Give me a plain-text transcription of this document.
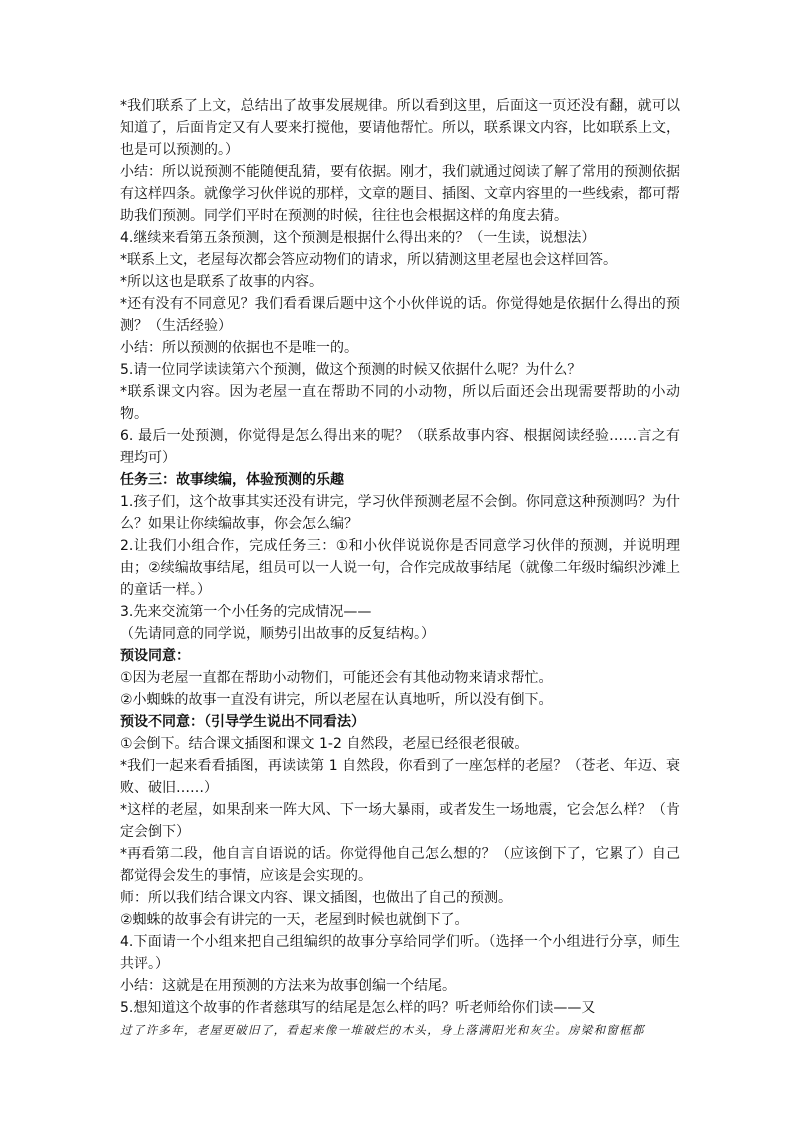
*我们联系了上文，总结出了故事发展规律。所以看到这里，后面这一页还没有翻，就可以知道了，后面肯定又有人要来打搅他，要请他帮忙。所以，联系课文内容，比如联系上文，也是可以预测的。）

小结：所以说预测不能随便乱猜，要有依据。刚才，我们就通过阅读了解了常用的预测依据有这样四条。就像学习伙伴说的那样，文章的题目、插图、文章内容里的一些线索，都可帮助我们预测。同学们平时在预测的时候，往往也会根据这样的角度去猜。

4.继续来看第五条预测，这个预测是根据什么得出来的？（一生读，说想法）

*联系上文，老屋每次都会答应动物们的请求，所以猜测这里老屋也会这样回答。

*所以这也是联系了故事的内容。

*还有没有不同意见？我们看看课后题中这个小伙伴说的话。你觉得她是依据什么得出的预测？（生活经验）

小结：所以预测的依据也不是唯一的。

5.请一位同学读读第六个预测，做这个预测的时候又依据什么呢？为什么？

*联系课文内容。因为老屋一直在帮助不同的小动物，所以后面还会出现需要帮助的小动物。

6. 最后一处预测，你觉得是怎么得出来的呢？（联系故事内容、根据阅读经验……言之有理均可）

任务三：故事续编，体验预测的乐趣

1.孩子们，这个故事其实还没有讲完，学习伙伴预测老屋不会倒。你同意这种预测吗？为什么？如果让你续编故事，你会怎么编？

2.让我们小组合作，完成任务三：①和小伙伴说说你是否同意学习伙伴的预测，并说明理由；②续编故事结尾，组员可以一人说一句，合作完成故事结尾（就像二年级时编织沙滩上的童话一样。）

3.先来交流第一个小任务的完成情况——

（先请同意的同学说，顺势引出故事的反复结构。）

预设同意：

①因为老屋一直都在帮助小动物们，可能还会有其他动物来请求帮忙。

②小蜘蛛的故事一直没有讲完，所以老屋在认真地听，所以没有倒下。

预设不同意：（引导学生说出不同看法）

①会倒下。结合课文插图和课文 1-2 自然段，老屋已经很老很破。

*我们一起来看看插图，再读读第 1 自然段，你看到了一座怎样的老屋？（苍老、年迈、衰败、破旧……）

*这样的老屋，如果刮来一阵大风、下一场大暴雨，或者发生一场地震，它会怎么样？（肯定会倒下）

*再看第二段，他自言自语说的话。你觉得他自己怎么想的？（应该倒下了，它累了）自己都觉得会发生的事情，应该是会实现的。

师：所以我们结合课文内容、课文插图，也做出了自己的预测。

②蜘蛛的故事会有讲完的一天，老屋到时候也就倒下了。

4.下面请一个小组来把自己组编织的故事分享给同学们听。（选择一个小组进行分享，师生共评。）

小结：这就是在用预测的方法来为故事创编一个结尾。

5.想知道这个故事的作者慈琪写的结尾是怎么样的吗？听老师给你们读——又

过了许多年，老屋更破旧了，看起来像一堆破烂的木头，身上落满阳光和灰尘。房梁和窗框都
